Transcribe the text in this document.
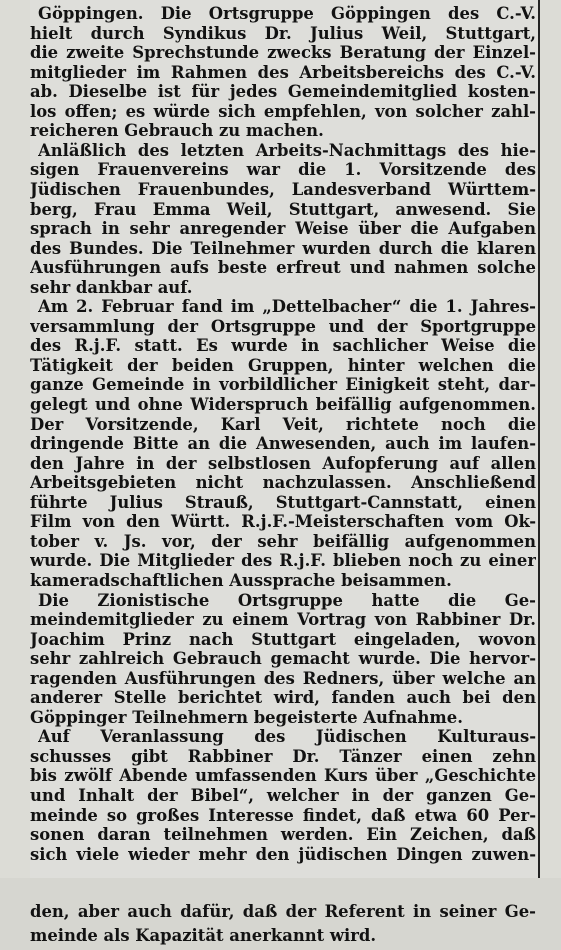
Göppingen. Die Ortsgruppe Göppingen des C.-V.
hielt durch Syndikus Dr. Julius Weil, Stuttgart,
die zweite Sprechstunde zwecks Beratung der Einzel-
mitglieder im Rahmen des Arbeitsbereichs des C.-V.
ab. Dieselbe ist für jedes Gemeindemitglied kosten-
los offen; es würde sich empfehlen, von solcher zahl-
reicheren Gebrauch zu machen.
Anläßlich des letzten Arbeits-Nachmittags des hie-
sigen Frauenvereins war die 1. Vorsitzende des
Jüdischen Frauenbundes, Landesverband Württem-
berg, Frau Emma Weil, Stuttgart, anwesend. Sie
sprach in sehr anregender Weise über die Aufgaben
des Bundes. Die Teilnehmer wurden durch die klaren
Ausführungen aufs beste erfreut und nahmen solche
sehr dankbar auf.
Am 2. Februar fand im „Dettelbacher“ die 1. Jahres-
versammlung der Ortsgruppe und der Sportgruppe
des R.j.F. statt. Es wurde in sachlicher Weise die
Tätigkeit der beiden Gruppen, hinter welchen die
ganze Gemeinde in vorbildlicher Einigkeit steht, dar-
gelegt und ohne Widerspruch beifällig aufgenommen.
Der Vorsitzende, Karl Veit, richtete noch die
dringende Bitte an die Anwesenden, auch im laufen-
den Jahre in der selbstlosen Aufopferung auf allen
Arbeitsgebieten nicht nachzulassen. Anschließend
führte Julius Strauß, Stuttgart-Cannstatt, einen
Film von den Württ. R.j.F.-Meisterschaften vom Ok-
tober v. Js. vor, der sehr beifällig aufgenommen
wurde. Die Mitglieder des R.j.F. blieben noch zu einer
kameradschaftlichen Aussprache beisammen.
Die Zionistische Ortsgruppe hatte die Ge-
meindemitglieder zu einem Vortrag von Rabbiner Dr.
Joachim Prinz nach Stuttgart eingeladen, wovon
sehr zahlreich Gebrauch gemacht wurde. Die hervor-
ragenden Ausführungen des Redners, über welche an
anderer Stelle berichtet wird, fanden auch bei den
Göppinger Teilnehmern begeisterte Aufnahme.
Auf Veranlassung des Jüdischen Kulturaus-
schusses gibt Rabbiner Dr. Tänzer einen zehn
bis zwölf Abende umfassenden Kurs über „Geschichte
und Inhalt der Bibel“, welcher in der ganzen Ge-
meinde so großes Interesse findet, daß etwa 60 Per-
sonen daran teilnehmen werden. Ein Zeichen, daß
sich viele wieder mehr den jüdischen Dingen zuwen-
den, aber auch dafür, daß der Referent in seiner Ge-
meinde als Kapazität anerkannt wird.
